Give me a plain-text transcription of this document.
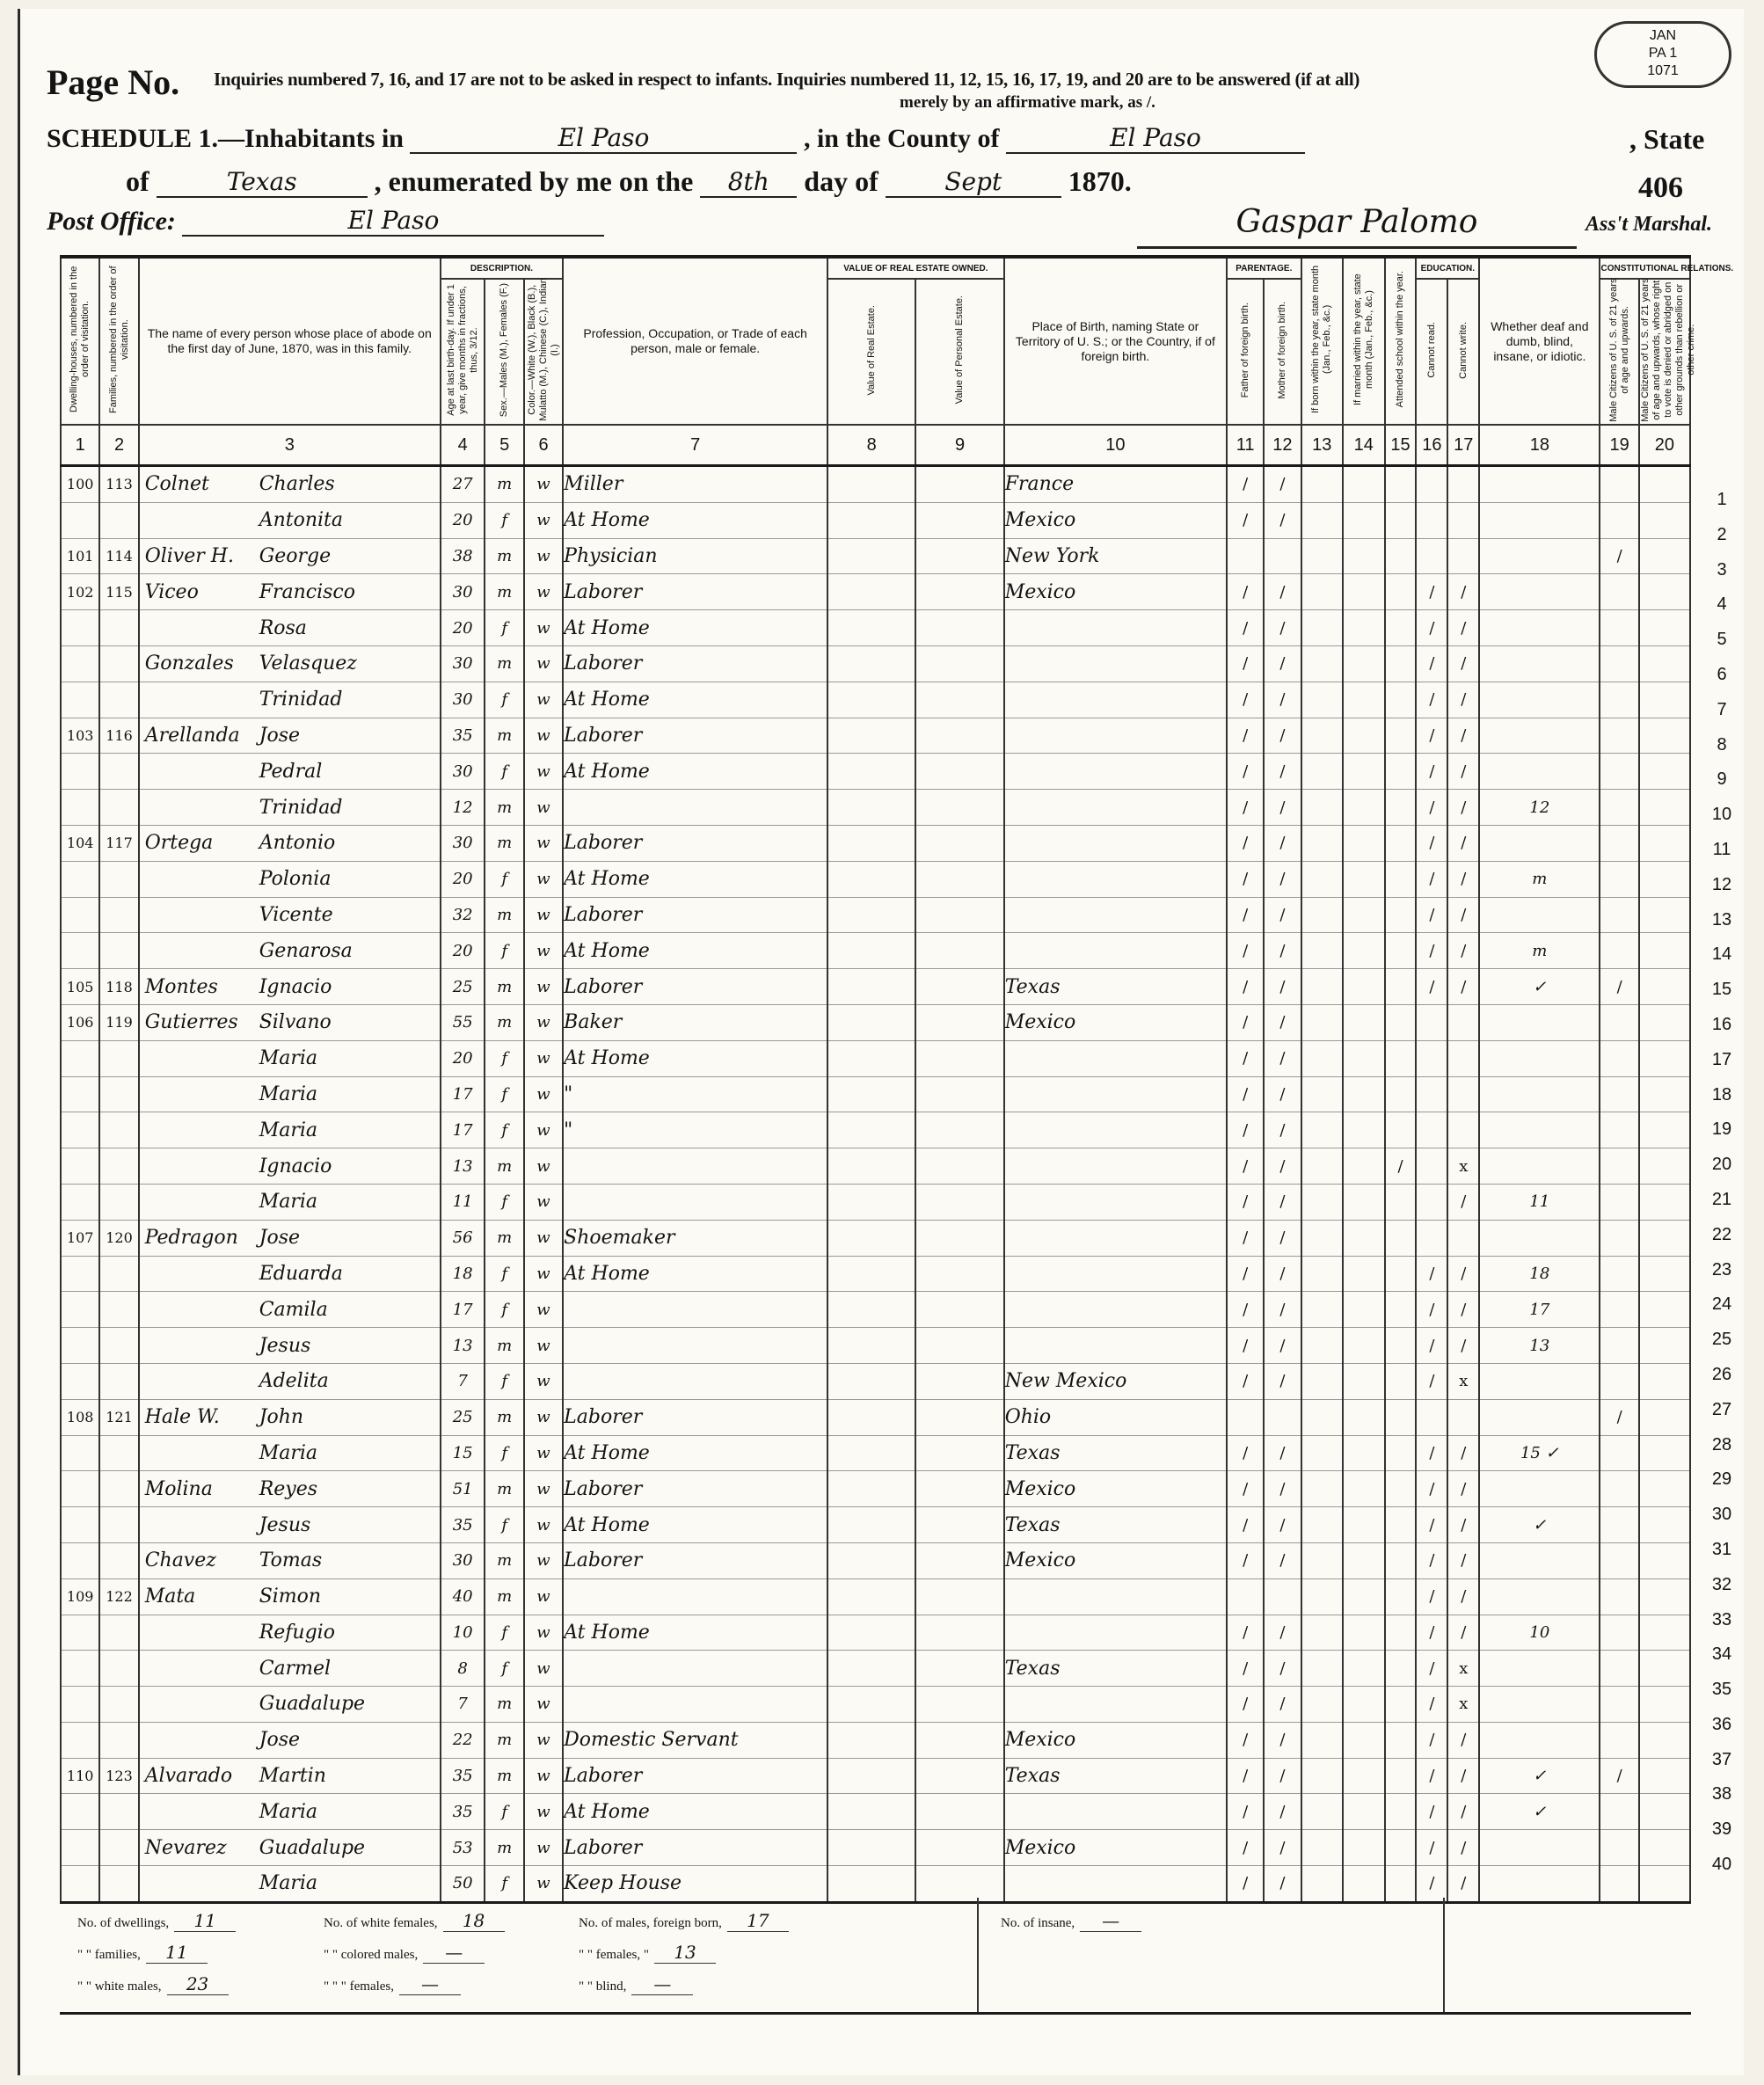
Page No. Inquiries numbered 7, 16, and 17 are not to be asked in respect to infants. Inquiries numbered 11, 12, 15, 16, 17, 19, and 20 are to be answered (if at all)
merely by an affirmative mark, as /.
JAN
PA 1
1071
SCHEDULE 1.—Inhabitants in	El Paso	, in the County of	El Paso	, State
of	Texas	, enumerated by me on the 8th day of	Sept 1870.	406
Post Office:	El Paso	Gaspar Palomo	Ass't Marshal.
Dwelling-houses, numbered in the order of visitation.	Families, numbered in the order of visitation.	The name of every person whose place of abode on the first day of June, 1870, was in this family.	DESCRIPTION.			Profession, Occupation, or Trade of each person, male or female.	VALUE OF REAL ESTATE OWNED.		Place of Birth, naming State or Territory of U. S.; or the Country, if of foreign birth.	PARENTAGE.		If born within the year, state month (Jan., Feb., &c.)	If married within the year, state month (Jan., Feb., &c.)	Attended school within the year.	EDUCATION.		Whether deaf and dumb, blind, insane, or idiotic.	CONSTITUTIONAL RELATIONS.	
			Age at last birth-day. If under 1 year, give months in fractions, thus, 3/12.	Sex.—Males (M.), Females (F.)	Color.—White (W.), Black (B.), Mulatto (M.), Chinese (C.), Indian (I.)		Value of Real Estate.	Value of Personal Estate.		Father of foreign birth.	Mother of foreign birth.				Cannot read.	Cannot write.		Male Citizens of U. S. of 21 years of age and upwards.	Male Citizens of U. S. of 21 years of age and upwards, whose right to vote is denied or abridged on other grounds than rebellion or other crime.
1	2	3	4	5	6	7	8	9	10	11	12	13	14	15	16	17	18	19	20
100	113	Colnet Charles	27	m	w	Miller			France	/	/								
		Antonita	20	f	w	At Home			Mexico	/	/								
101	114	Oliver H. George	38	m	w	Physician			New York									/	
102	115	Viceo Francisco	30	m	w	Laborer			Mexico	/	/				/	/			
		Rosa	20	f	w	At Home				/	/				/	/			
		Gonzales Velasquez	30	m	w	Laborer				/	/				/	/			
		Trinidad	30	f	w	At Home				/	/				/	/			
103	116	Arellanda Jose	35	m	w	Laborer				/	/				/	/			
		Pedral	30	f	w	At Home				/	/				/	/			
		Trinidad	12	m	w					/	/				/	/	12		
104	117	Ortega Antonio	30	m	w	Laborer				/	/				/	/			
		Polonia	20	f	w	At Home				/	/				/	/	m		
		Vicente	32	m	w	Laborer				/	/				/	/			
		Genarosa	20	f	w	At Home				/	/				/	/	m		
105	118	Montes Ignacio	25	m	w	Laborer			Texas	/	/				/	/	✓	/	
106	119	Gutierres Silvano	55	m	w	Baker			Mexico	/	/								
		Maria	20	f	w	At Home				/	/								
		Maria	17	f	w	"				/	/								
		Maria	17	f	w	"				/	/								
		Ignacio	13	m	w					/	/			/		x			
		Maria	11	f	w					/	/					/	11		
107	120	Pedragon Jose	56	m	w	Shoemaker				/	/								
		Eduarda	18	f	w	At Home				/	/				/	/	18		
		Camila	17	f	w					/	/				/	/	17		
		Jesus	13	m	w					/	/				/	/	13		
		Adelita	7	f	w				New Mexico	/	/				/	x			
108	121	Hale W. John	25	m	w	Laborer			Ohio									/	
		Maria	15	f	w	At Home			Texas	/	/				/	/	15 ✓		
		Molina Reyes	51	m	w	Laborer			Mexico	/	/				/	/			
		Jesus	35	f	w	At Home			Texas	/	/				/	/	✓		
		Chavez Tomas	30	m	w	Laborer			Mexico	/	/				/	/			
109	122	Mata Simon	40	m	w										/	/			
		Refugio	10	f	w	At Home				/	/				/	/	10		
		Carmel	8	f	w				Texas	/	/				/	x			
		Guadalupe	7	m	w					/	/				/	x			
		Jose	22	m	w	Domestic Servant			Mexico	/	/				/	/			
110	123	Alvarado Martin	35	m	w	Laborer			Texas	/	/				/	/	✓	/	
		Maria	35	f	w	At Home				/	/				/	/	✓		
		Nevarez Guadalupe	53	m	w	Laborer			Mexico	/	/				/	/			
		Maria	50	f	w	Keep House				/	/				/	/			
1
2
3
4
5
6
7
8
9
10
11
12
13
14
15
16
17
18
19
20
21
22
23
24
25
26
27
28
29
30
31
32
33
34
35
36
37
38
39
40
No. of dwellings, 11
" " families, 11
" " white males, 23
No. of white females, 18
" " colored males, —
" " " females, —
No. of males, foreign born, 17
" " females, " 13
" " blind, —
No. of insane, —
